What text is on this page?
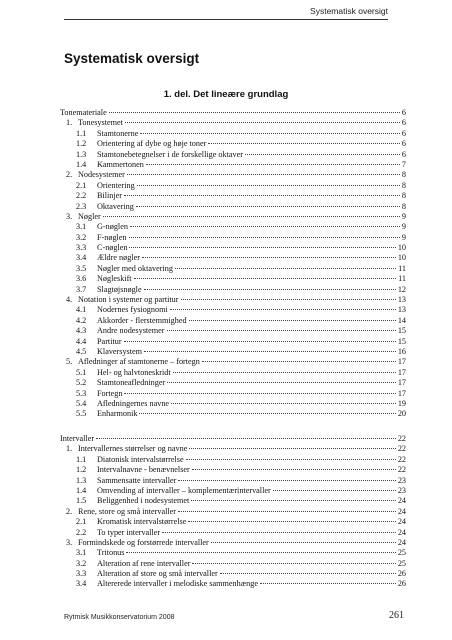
Systematisk oversigt
Systematisk oversigt
1. del. Det lineære grundlag
Tonemateriale	6
1. Tonesystemet	6
1.1	Stamtonerne	6
1.2	Orientering af dybe og høje toner	6
1.3	Stamtonebetegnelser i de forskellige oktaver	6
1.4	Kammertonen	7
2. Nodesystemer	8
2.1	Orientering	8
2.2	Bilinjer	8
2.3	Oktavering	8
3. Nøgler	9
3.1	G-nøglen	9
3.2	F-nøglen	9
3.3	C-nøglen	10
3.4	Ældre nøgler	10
3.5	Nøgler med oktavering	11
3.6	Nøgleskift	11
3.7	Slagtøjsnøgle	12
4. Notation i systemer og partitur	13
4.1	Nodernes fysiognomi	13
4.2	Akkorder - flerstemmighed	14
4.3	Andre nodesystemer	15
4.4	Partitur	15
4.5	Klaversystem	16
5. Afledninger af stamtonerne – fortegn	17
5.1	Hel- og halvtoneskridt	17
5.2	Stamtoneafledninger	17
5.3	Fortegn	17
5.4	Afledningernes navne	19
5.5	Enharmonik	20
Intervaller	22
1. Intervallernes størrelser og navne	22
1.1	Diatonisk intervalstørrelse	22
1.2	Intervalnavne - benævnelser	22
1.3	Sammensatte intervaller	23
1.4	Omvending af intervaller – komplementærintervaller	23
1.5	Beliggenhed i nodesystemet	24
2. Rene, store og små intervaller	24
2.1	Kromatisk intervalstørrelse	24
2.2	To typer intervaller	24
3. Formindskede og forstørrede intervaller	24
3.1	Tritonus	25
3.2	Alteration af rene intervaller	25
3.3	Alteration af store og små intervaller	26
3.4	Altererede intervaller i melodiske sammenhænge	26
Rytmisk Musikkonservatorium 2008	261
